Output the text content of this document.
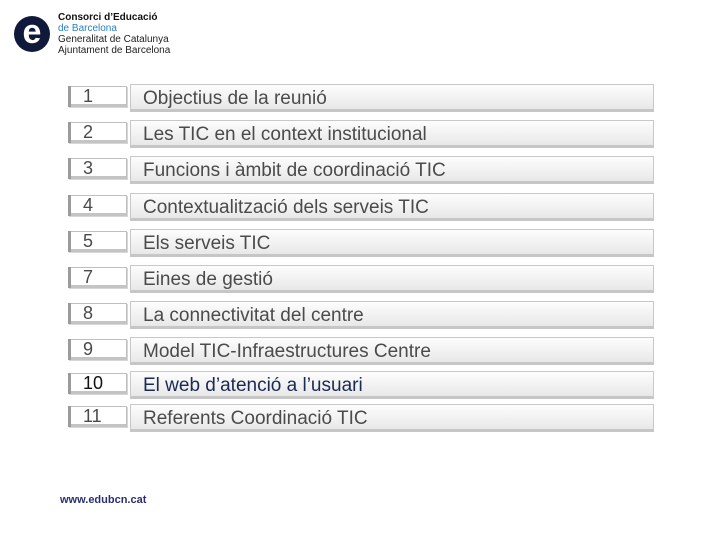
e	Consorci d’Educació
de Barcelona
Generalitat de Catalunya
Ajuntament de Barcelona
1	Objectius de la reunió
2	Les TIC en el context institucional
3	Funcions i àmbit de coordinació TIC
4	Contextualització dels serveis TIC
5	Els serveis TIC
7	Eines de gestió
8	La connectivitat del centre
9	Model TIC-Infraestructures Centre
10	El web d’atenció a l’usuari
11	Referents Coordinació TIC
www.edubcn.cat
